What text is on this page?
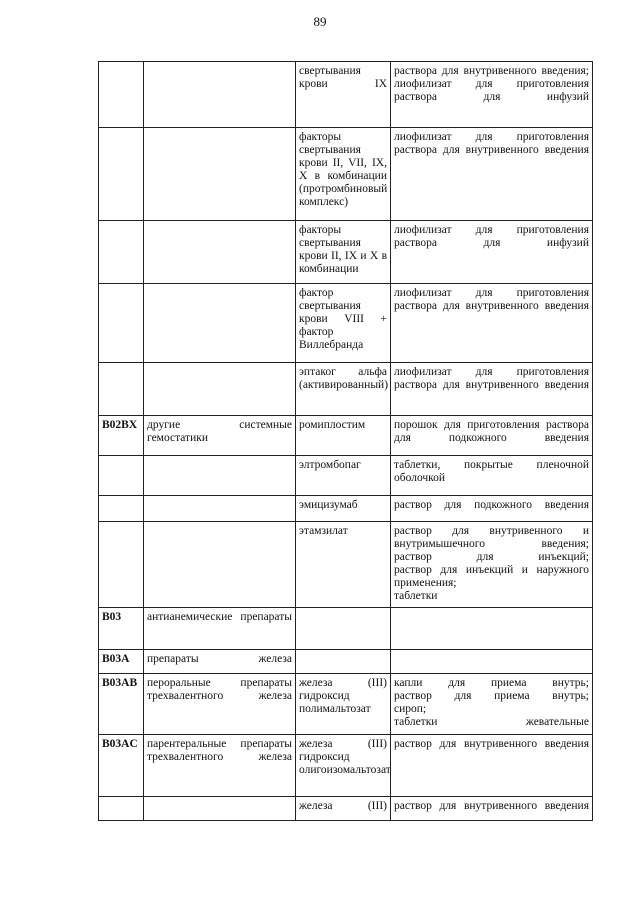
89
		свертывания крови IX	раствора для внутривенного введения;
лиофилизат для приготовления раствора для инфузий

		факторы свертывания крови II, VII, IX, X в комбинации (протромбиновый комплекс)	лиофилизат для приготовления раствора для внутривенного введения

		факторы свертывания крови II, IX и X в комбинации	лиофилизат для приготовления раствора для инфузий

		фактор свертывания крови VIII + фактор Виллебранда	лиофилизат для приготовления раствора для внутривенного введения

		эптаког альфа (активированный)	лиофилизат для приготовления раствора для внутривенного введения

B02BX	другие системные гемостатики	ромиплостим	порошок для приготовления раствора для подкожного введения

		элтромбопаг	таблетки, покрытые пленочной оболочкой

		эмицизумаб	раствор для подкожного введения

		этамзилат	раствор для внутривенного и внутримышечного введения;
раствор для инъекций;
раствор для инъекций и наружного применения;
таблетки

B03	антианемические препараты		
B03A	препараты железа		
B03AB	пероральные препараты трехвалентного железа	железа (III) гидроксид полимальтозат	капли для приема внутрь;
раствор для приема внутрь;
сироп;
таблетки жевательные

B03AC	парентеральные препараты трехвалентного железа	железа (III) гидроксид олигоизомальтозат	раствор для внутривенного введения

		железа (III)	раствор для внутривенного введения
